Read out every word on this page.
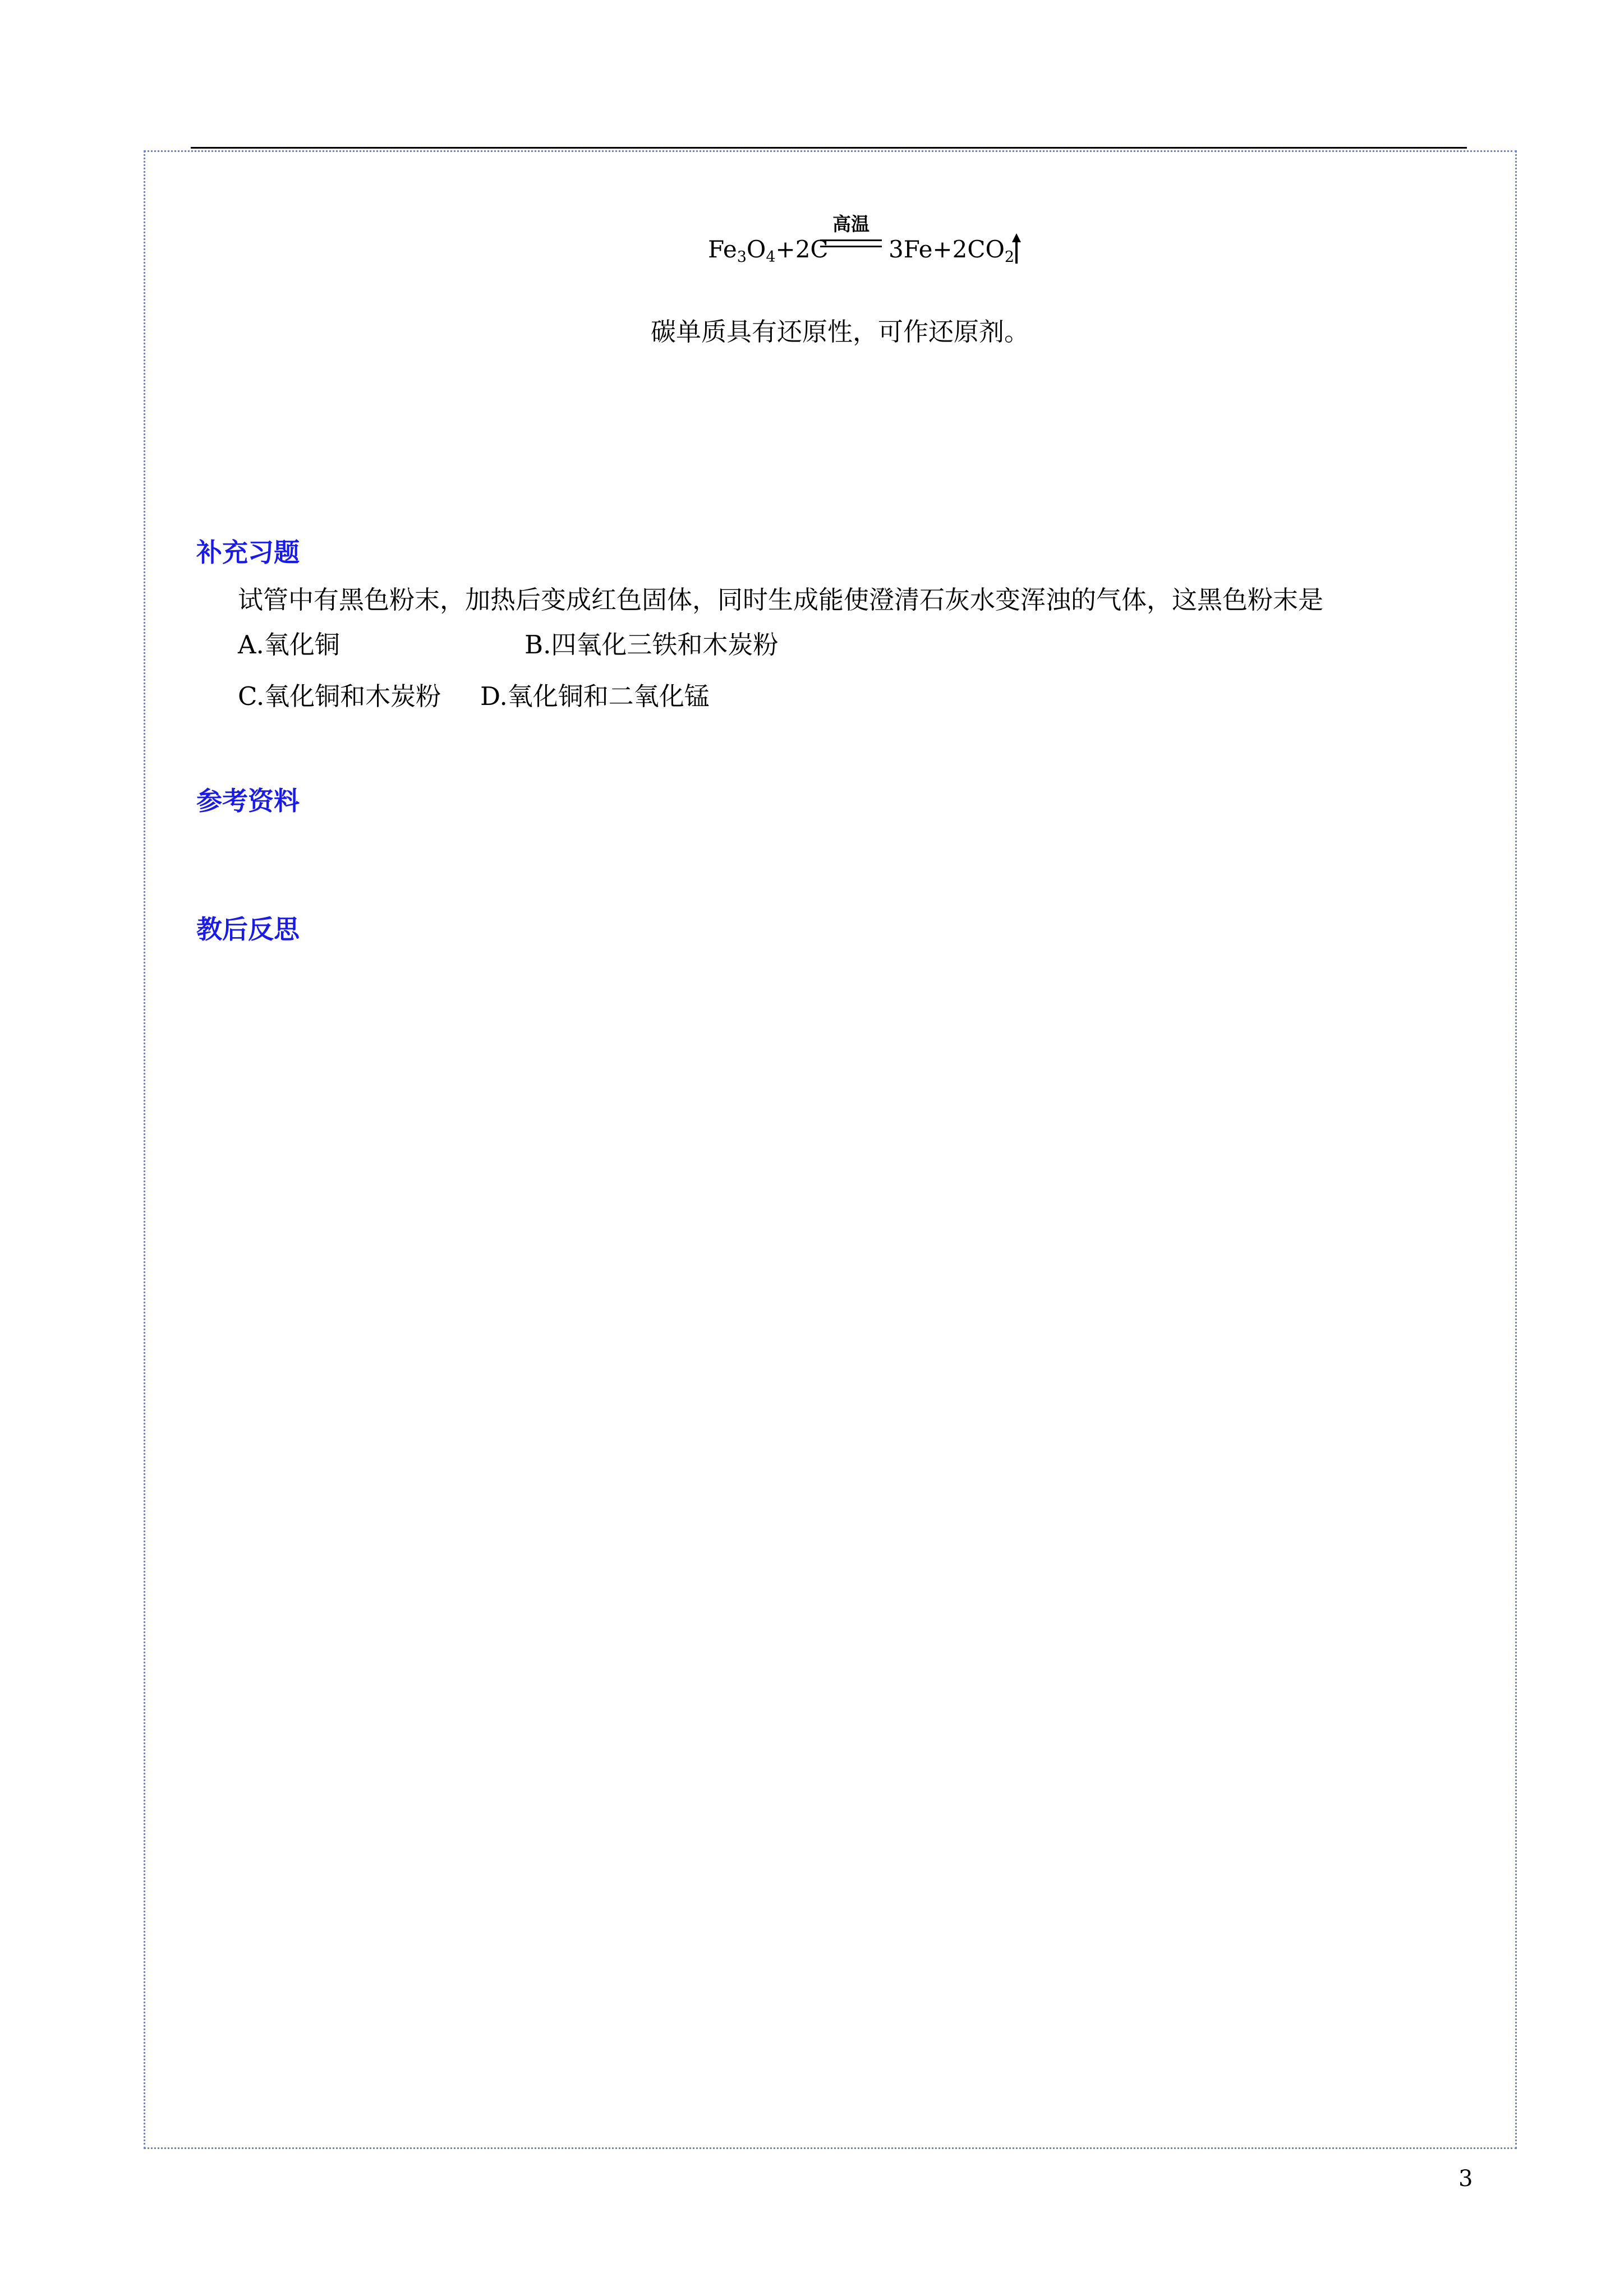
$Fe_3O_4+2C$
高温
$3Fe+2CO_2$
碳单质具有还原性，可作还原剂。
补充习题
试管中有黑色粉末，加热后变成红色固体，同时生成能使澄清石灰水变浑浊的气体，这黑色粉末是
A.氧化铜	B.四氧化三铁和木炭粉
C.氧化铜和木炭粉 D.氧化铜和二氧化锰
参考资料
教后反思
3
